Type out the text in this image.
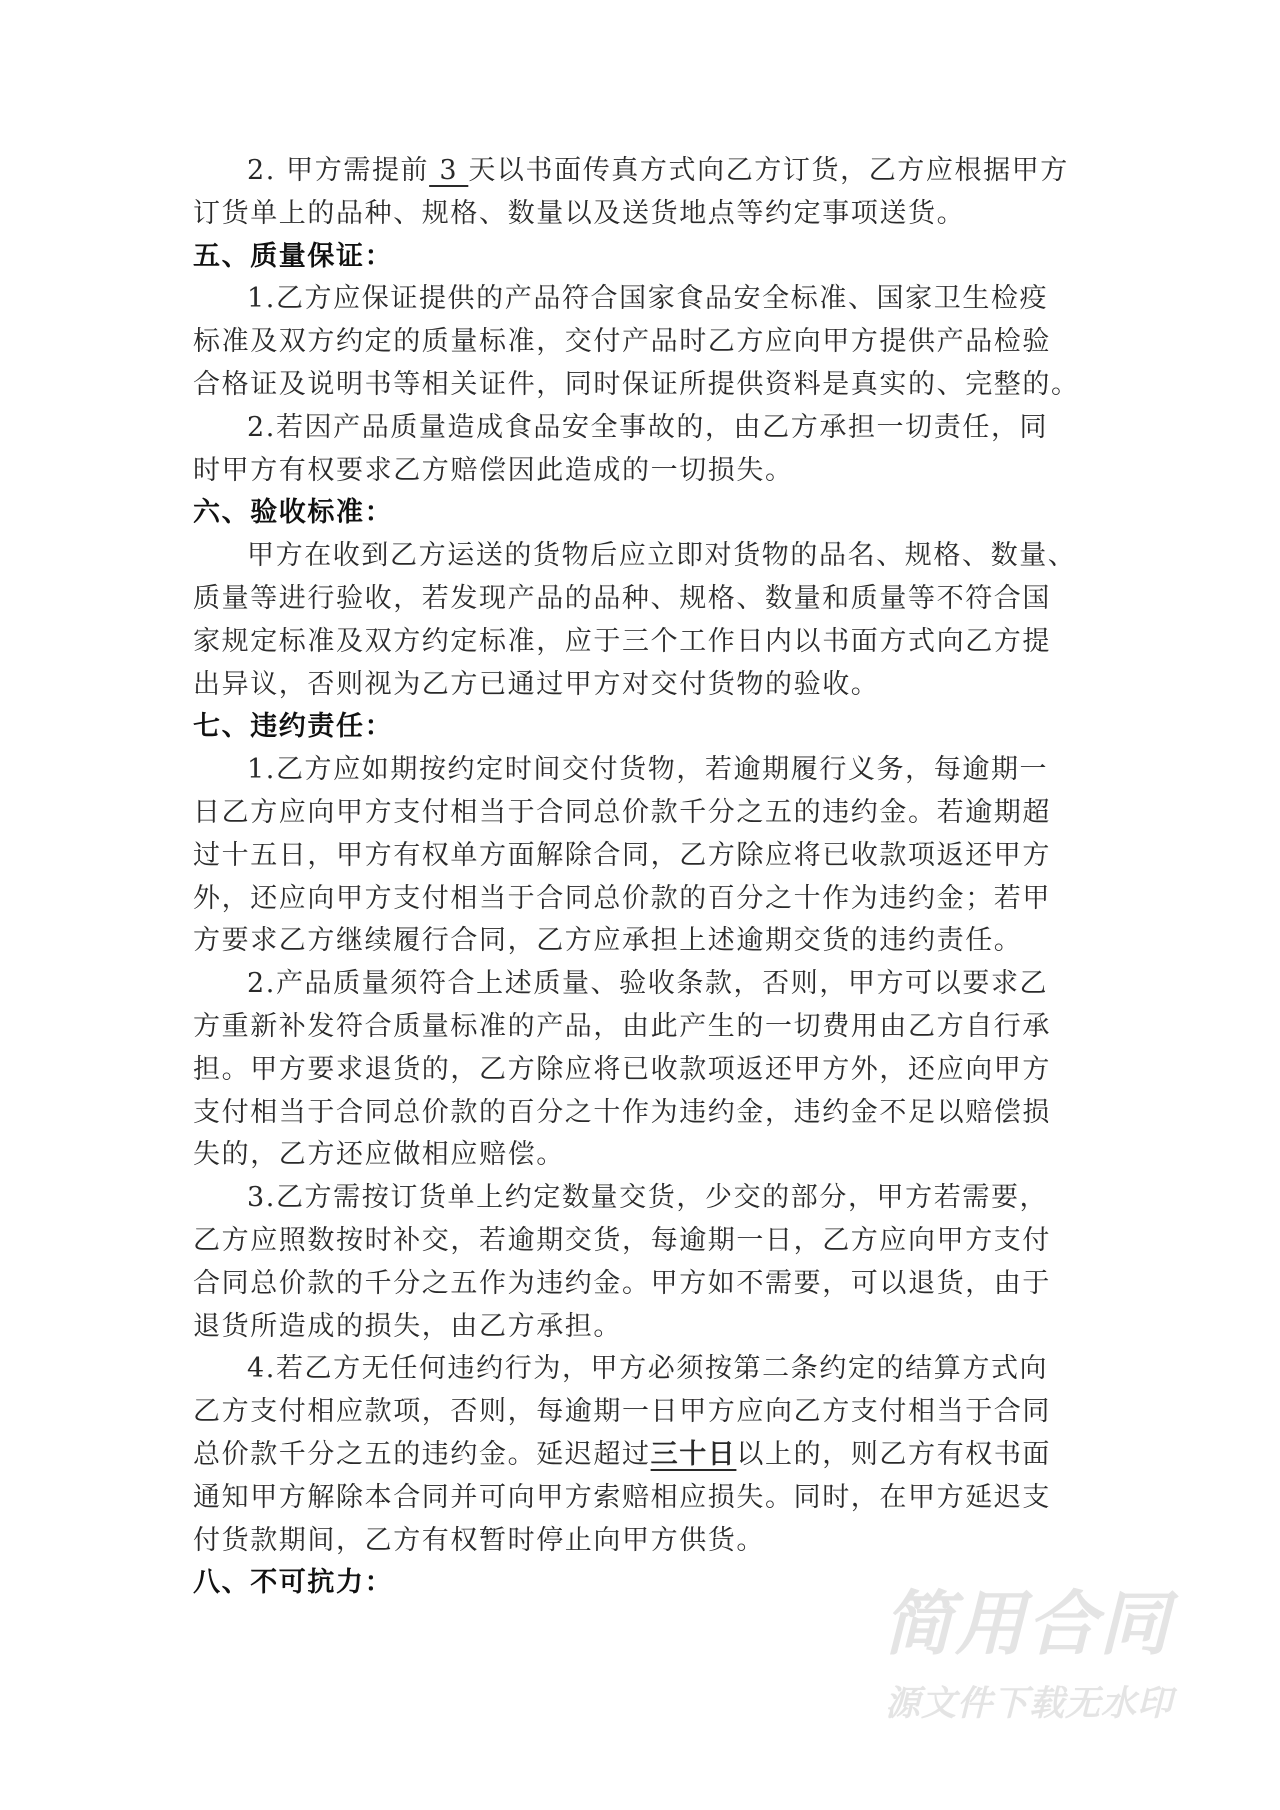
2. 甲方需提前 3 天以书面传真方式向乙方订货，乙方应根据甲方
订货单上的品种、规格、数量以及送货地点等约定事项送货。
五、质量保证：
1.乙方应保证提供的产品符合国家食品安全标准、国家卫生检疫
标准及双方约定的质量标准，交付产品时乙方应向甲方提供产品检验
合格证及说明书等相关证件，同时保证所提供资料是真实的、完整的。
2.若因产品质量造成食品安全事故的，由乙方承担一切责任，同
时甲方有权要求乙方赔偿因此造成的一切损失。
六、验收标准：
甲方在收到乙方运送的货物后应立即对货物的品名、规格、数量、
质量等进行验收，若发现产品的品种、规格、数量和质量等不符合国
家规定标准及双方约定标准，应于三个工作日内以书面方式向乙方提
出异议，否则视为乙方已通过甲方对交付货物的验收。
七、违约责任：
1.乙方应如期按约定时间交付货物，若逾期履行义务，每逾期一
日乙方应向甲方支付相当于合同总价款千分之五的违约金。若逾期超
过十五日，甲方有权单方面解除合同，乙方除应将已收款项返还甲方
外，还应向甲方支付相当于合同总价款的百分之十作为违约金；若甲
方要求乙方继续履行合同，乙方应承担上述逾期交货的违约责任。
2.产品质量须符合上述质量、验收条款，否则，甲方可以要求乙
方重新补发符合质量标准的产品，由此产生的一切费用由乙方自行承
担。甲方要求退货的，乙方除应将已收款项返还甲方外，还应向甲方
支付相当于合同总价款的百分之十作为违约金，违约金不足以赔偿损
失的，乙方还应做相应赔偿。
3.乙方需按订货单上约定数量交货，少交的部分，甲方若需要，
乙方应照数按时补交，若逾期交货，每逾期一日，乙方应向甲方支付
合同总价款的千分之五作为违约金。甲方如不需要，可以退货，由于
退货所造成的损失，由乙方承担。
4.若乙方无任何违约行为，甲方必须按第二条约定的结算方式向
乙方支付相应款项，否则，每逾期一日甲方应向乙方支付相当于合同
总价款千分之五的违约金。延迟超过三十日以上的，则乙方有权书面
通知甲方解除本合同并可向甲方索赔相应损失。同时，在甲方延迟支
付货款期间，乙方有权暂时停止向甲方供货。
八、不可抗力：
简用合同
源文件下载无水印
